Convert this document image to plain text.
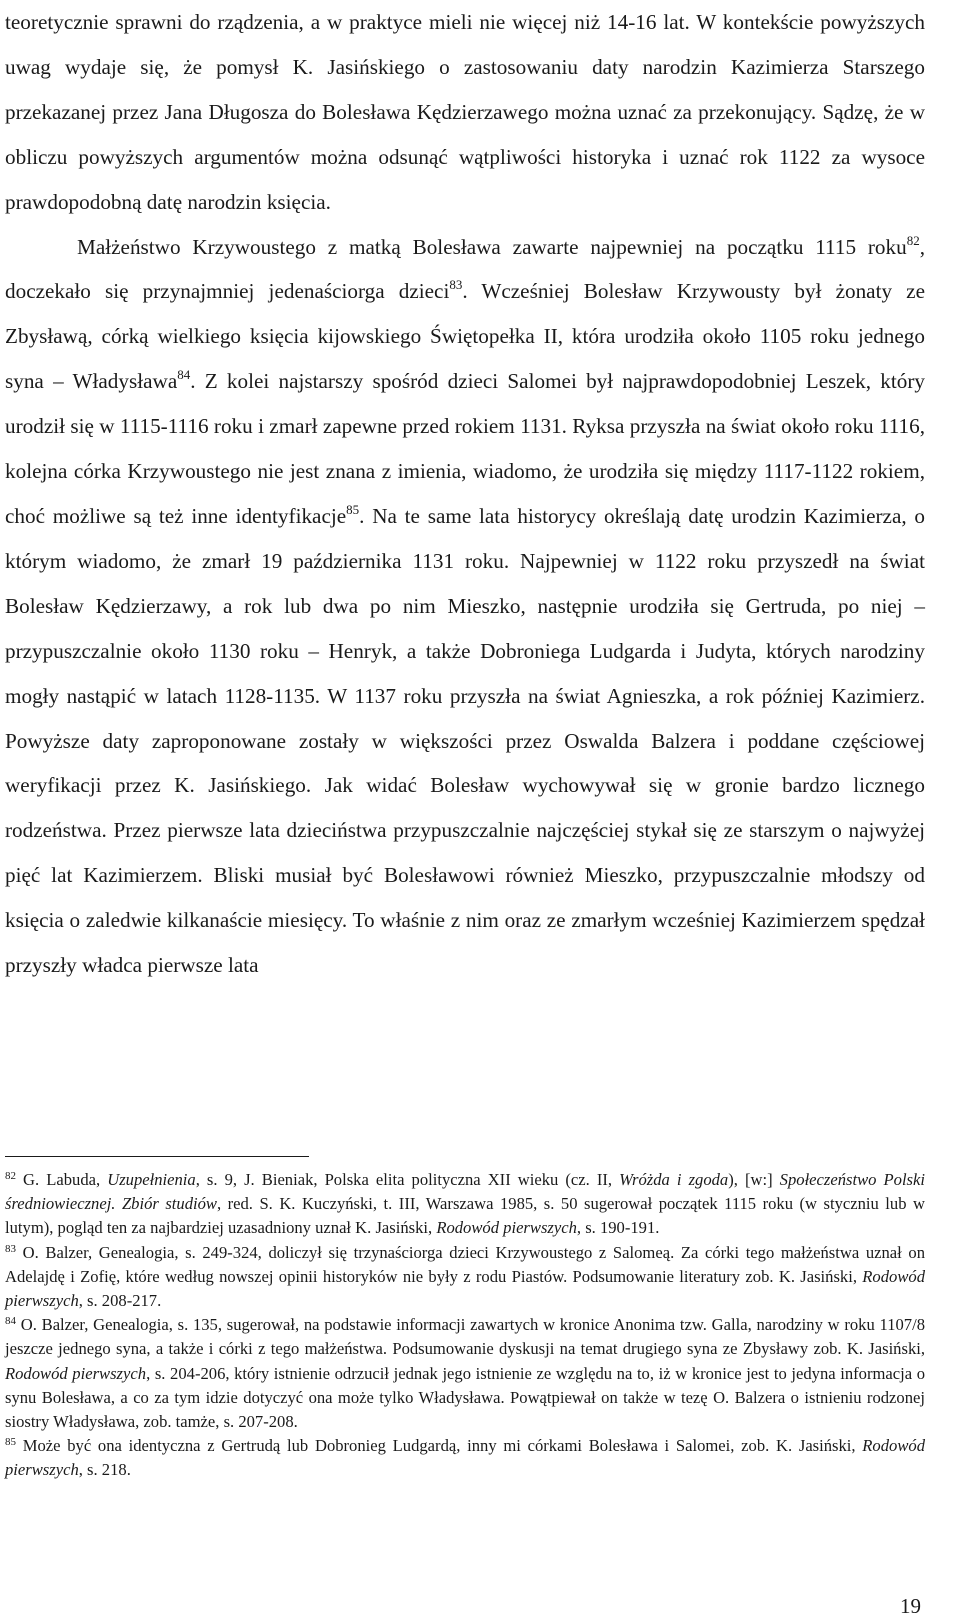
teoretycznie sprawni do rządzenia, a w praktyce mieli nie więcej niż 14-16 lat. W kontekście powyższych uwag wydaje się, że pomysł K. Jasińskiego o zastosowaniu daty narodzin Kazimierza Starszego przekazanej przez Jana Długosza do Bolesława Kędzierzawego można uznać za przekonujący. Sądzę, że w obliczu powyższych argumentów można odsunąć wątpliwości historyka i uznać rok 1122 za wysoce prawdopodobną datę narodzin księcia.

Małżeństwo Krzywoustego z matką Bolesława zawarte najpewniej na początku 1115 roku$^{82}$, doczekało się przynajmniej jedenaściorga dzieci$^{83}$. Wcześniej Bolesław Krzywousty był żonaty ze Zbysławą, córką wielkiego księcia kijowskiego Świętopełka II, która urodziła około 1105 roku jednego syna – Władysława$^{84}$. Z kolei najstarszy spośród dzieci Salomei był najprawdopodobniej Leszek, który urodził się w 1115-1116 roku i zmarł zapewne przed rokiem 1131. Ryksa przyszła na świat około roku 1116, kolejna córka Krzywoustego nie jest znana z imienia, wiadomo, że urodziła się między 1117-1122 rokiem, choć możliwe są też inne identyfikacje$^{85}$. Na te same lata historycy określają datę urodzin Kazimierza, o którym wiadomo, że zmarł 19 października 1131 roku. Najpewniej w 1122 roku przyszedł na świat Bolesław Kędzierzawy, a rok lub dwa po nim Mieszko, następnie urodziła się Gertruda, po niej – przypuszczalnie około 1130 roku – Henryk, a także Dobroniega Ludgarda i Judyta, których narodziny mogły nastąpić w latach 1128-1135. W 1137 roku przyszła na świat Agnieszka, a rok później Kazimierz. Powyższe daty zaproponowane zostały w większości przez Oswalda Balzera i poddane częściowej weryfikacji przez K. Jasińskiego. Jak widać Bolesław wychowywał się w gronie bardzo licznego rodzeństwa. Przez pierwsze lata dzieciństwa przypuszczalnie najczęściej stykał się ze starszym o najwyżej pięć lat Kazimierzem. Bliski musiał być Bolesławowi również Mieszko, przypuszczalnie młodszy od księcia o zaledwie kilkanaście miesięcy. To właśnie z nim oraz ze zmarłym wcześniej Kazimierzem spędzał przyszły władca pierwsze lata

$^{82}$ G. Labuda, Uzupełnienia, s. 9, J. Bieniak, Polska elita polityczna XII wieku (cz. II, Wróżda i zgoda), [w:] Społeczeństwo Polski średniowiecznej. Zbiór studiów, red. S. K. Kuczyński, t. III, Warszawa 1985, s. 50 sugerował początek 1115 roku (w styczniu lub w lutym), pogląd ten za najbardziej uzasadniony uznał K. Jasiński, Rodowód pierwszych, s. 190-191.

$^{83}$ O. Balzer, Genealogia, s. 249-324, doliczył się trzynaściorga dzieci Krzywoustego z Salomeą. Za córki tego małżeństwa uznał on Adelajdę i Zofię, które według nowszej opinii historyków nie były z rodu Piastów. Podsumowanie literatury zob. K. Jasiński, Rodowód pierwszych, s. 208-217.

$^{84}$ O. Balzer, Genealogia, s. 135, sugerował, na podstawie informacji zawartych w kronice Anonima tzw. Galla, narodziny w roku 1107/8 jeszcze jednego syna, a także i córki z tego małżeństwa. Podsumowanie dyskusji na temat drugiego syna ze Zbysławy zob. K. Jasiński, Rodowód pierwszych, s. 204-206, który istnienie odrzucił jednak jego istnienie ze względu na to, iż w kronice jest to jedyna informacja o synu Bolesława, a co za tym idzie dotyczyć ona może tylko Władysława. Powątpiewał on także w tezę O. Balzera o istnieniu rodzonej siostry Władysława, zob. tamże, s. 207-208.

$^{85}$ Może być ona identyczna z Gertrudą lub Dobronieg Ludgardą, inny mi córkami Bolesława i Salomei, zob. K. Jasiński, Rodowód pierwszych, s. 218.

19
